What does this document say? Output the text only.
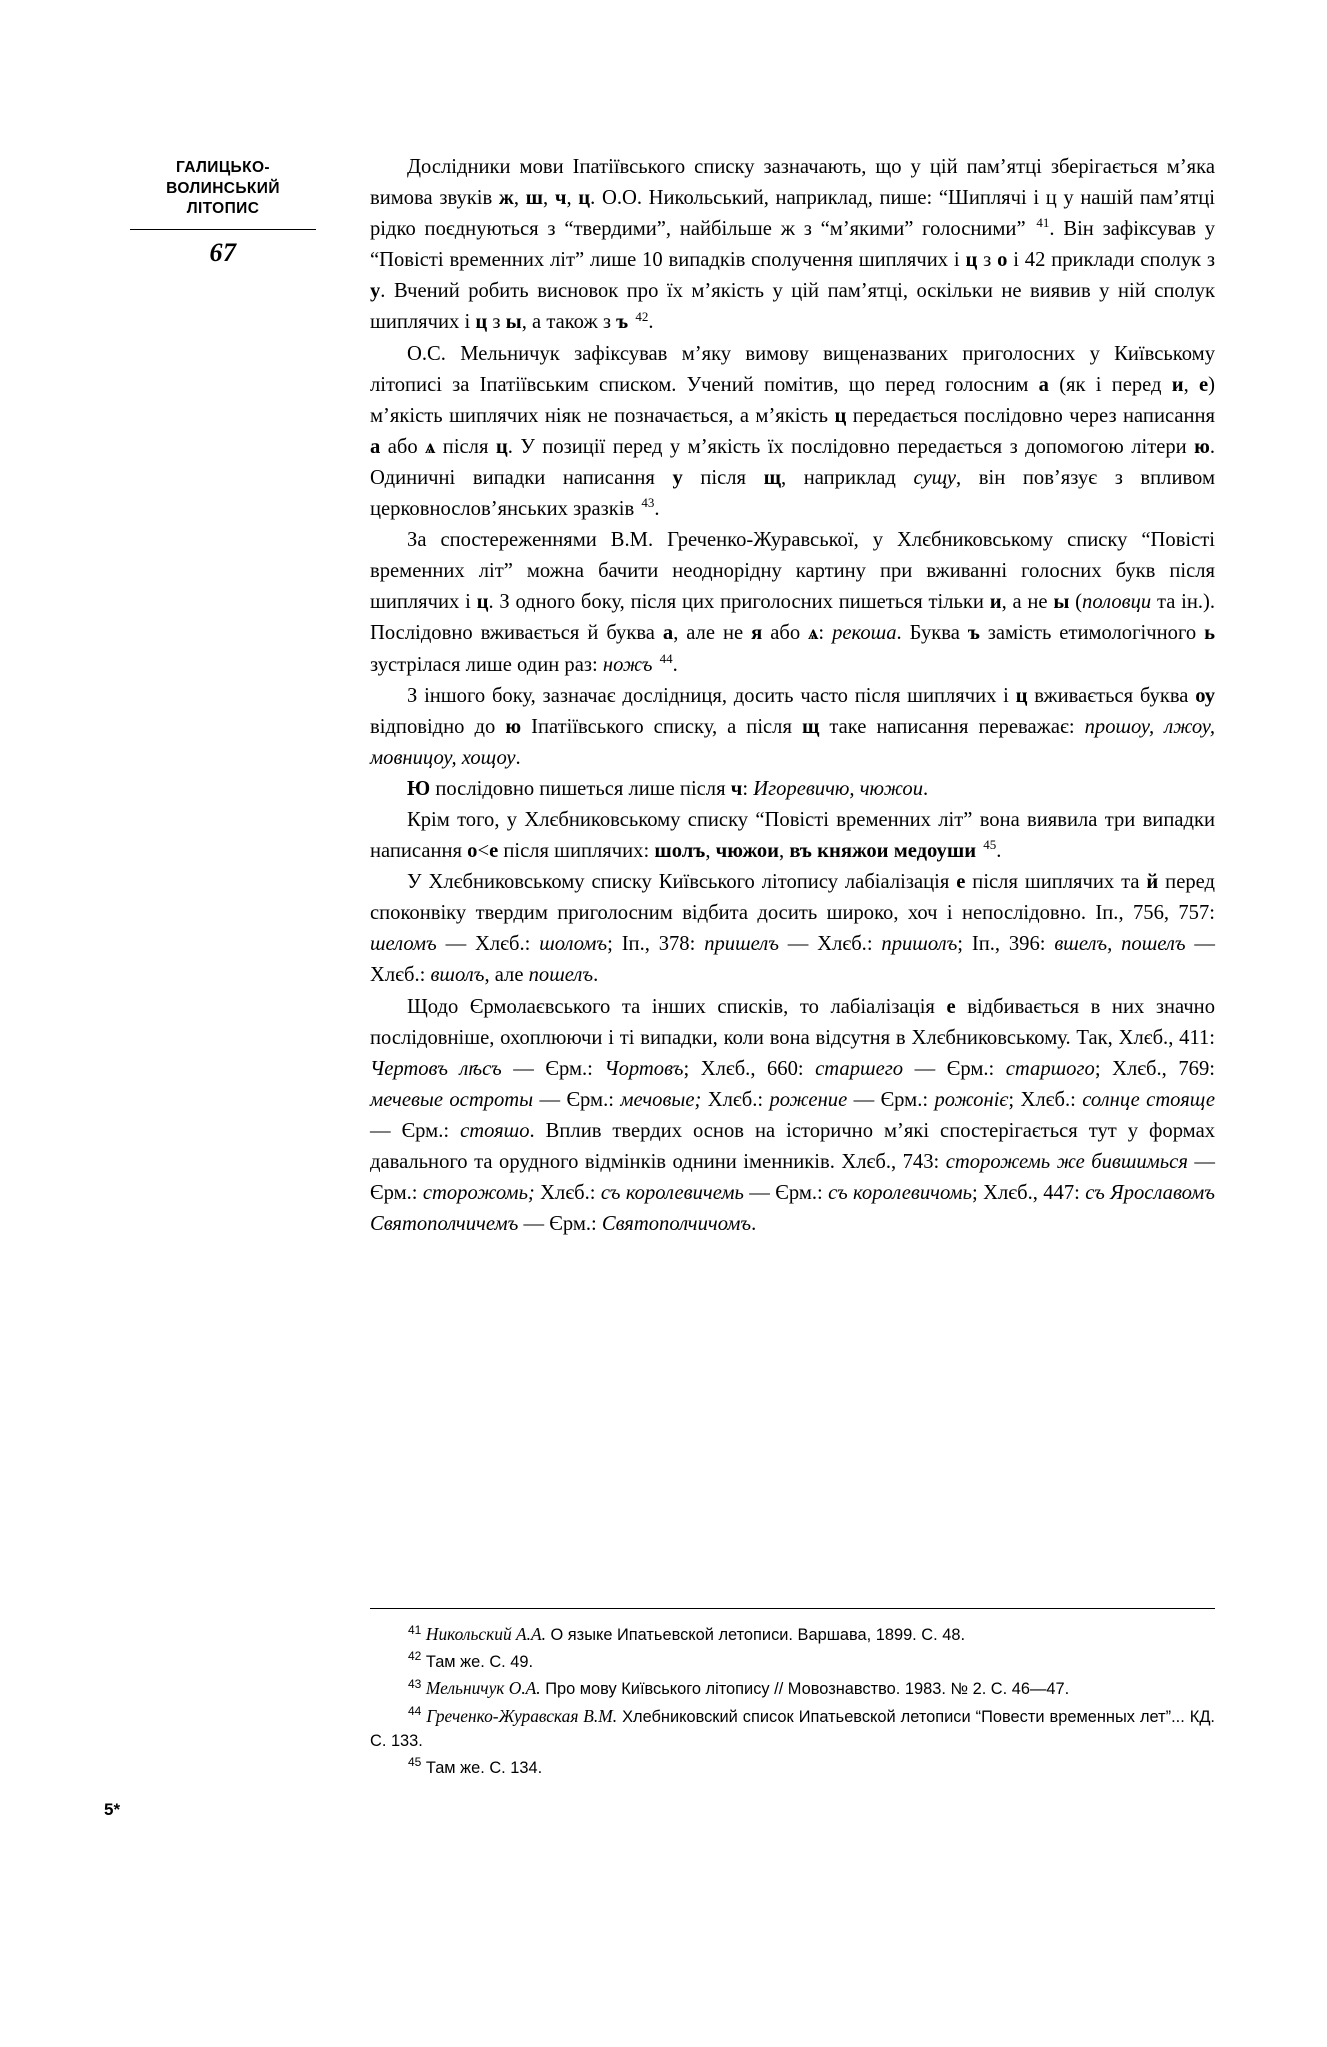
ГАЛИЦЬКО-
ВОЛИНСЬКИЙ
ЛІТОПИС
67

Дослідники мови Іпатіївського списку зазначають, що у цій пам’ятці зберігається м’яка вимова звуків ж, ш, ч, ц. О.О. Никольський, наприклад, пише: “Шиплячі і ц у нашій пам’ятці рідко поєднуються з “твердими”, найбільше ж з “м’якими” голосними” $^{41}$. Він зафіксував у “Повісті временних літ” лише 10 випадків сполучення шиплячих і ц з о і 42 приклади сполук з у. Вчений робить висновок про їх м’якість у цій пам’ятці, оскільки не виявив у ній сполук шиплячих і ц з ы, а також з ъ $^{42}$.

О.С. Мельничук зафіксував м’яку вимову вищеназваних приголосних у Київському літописі за Іпатіївським списком. Учений помітив, що перед голосним а (як і перед и, е) м’якість шиплячих ніяк не позначається, а м’якість ц передається послідовно через написання а або ѧ після ц. У позиції перед у м’якість їх послідовно передається з допомогою літери ю. Одиничні випадки написання у після щ, наприклад сущу, він пов’язує з впливом церковнослов’янських зразків $^{43}$.

За спостереженнями В.М. Греченко-Журавської, у Хлєбниковському списку “Повісті временних літ” можна бачити неоднорідну картину при вживанні голосних букв після шиплячих і ц. З одного боку, після цих приголосних пишеться тільки и, а не ы (половци та ін.). Послідовно вживається й буква а, але не я або ѧ: рекоша. Буква ъ замість етимологічного ь зустрілася лише один раз: ножъ $^{44}$.

З іншого боку, зазначає дослідниця, досить часто після шиплячих і ц вживається буква оу відповідно до ю Іпатіївського списку, а після щ таке написання переважає: прошоу, лжоу, мовницоу, хощоу.

Ю послідовно пишеться лише після ч: Игоревичю, чюжои.

Крім того, у Хлєбниковському списку “Повісті временних літ” вона виявила три випадки написання о<е після шиплячих: шолъ, чюжои, въ княжои медоуши $^{45}$.

У Хлєбниковському списку Київського літопису лабіалізація е після шиплячих та й перед споконвіку твердим приголосним відбита досить широко, хоч і непослідовно. Іп., 756, 757: шеломъ — Хлєб.: шоломъ; Іп., 378: пришелъ — Хлєб.: пришолъ; Іп., 396: вшелъ, пошелъ — Хлєб.: вшолъ, але пошелъ.

Щодо Єрмолаєвського та інших списків, то лабіалізація е відбивається в них значно послідовніше, охоплюючи і ті випадки, коли вона відсутня в Хлєбниковському. Так, Хлєб., 411: Чертовъ лѣсъ — Єрм.: Чортовъ; Хлєб., 660: старшего — Єрм.: старшого; Хлєб., 769: мечевые остроты — Єрм.: мечовые; Хлєб.: рожение — Єрм.: рожоніє; Хлєб.: солнце стояще — Єрм.: стояшо. Вплив твердих основ на історично м’які спостерігається тут у формах давального та орудного відмінків однини іменників. Хлєб., 743: сторожемь же бившимься — Єрм.: сторожомь; Хлєб.: съ королевичемь — Єрм.: съ королевичомь; Хлєб., 447: съ Ярославомъ Святополчичемъ — Єрм.: Святополчичомъ.

$^{41}$ Никольский А.А. О языке Ипатьевской летописи. Варшава, 1899. С. 48.

$^{42}$ Там же. С. 49.

$^{43}$ Мельничук О.А. Про мову Київського літопису // Мовознавство. 1983. № 2. С. 46—47.

$^{44}$ Греченко-Журавская В.М. Хлебниковский список Ипатьевской летописи “Повести временных лет”... КД. С. 133.

$^{45}$ Там же. С. 134.

5*
